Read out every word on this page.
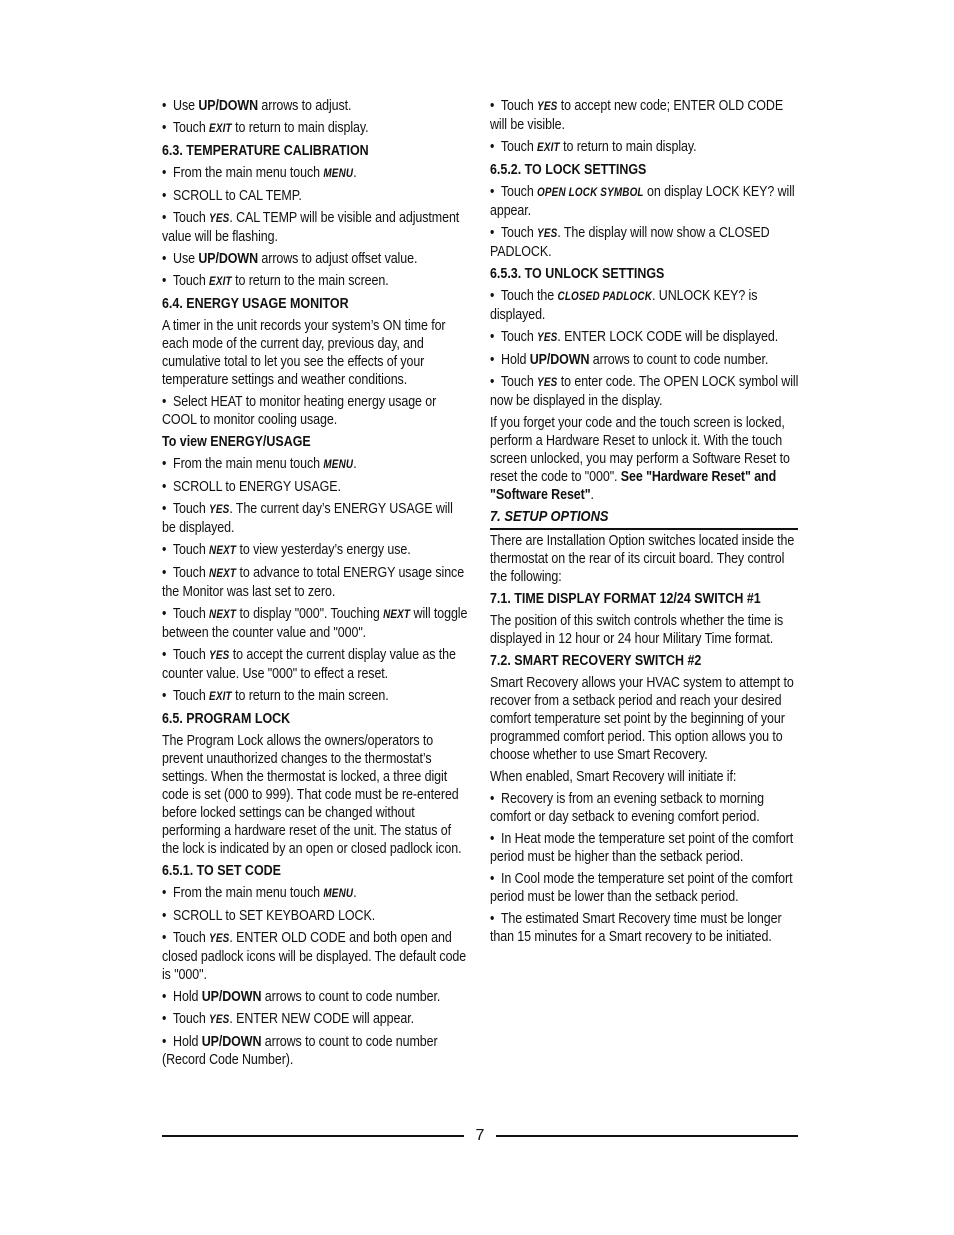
•  Use UP/DOWN arrows to adjust.
•  Touch EXIT to return to main display.
6.3. TEMPERATURE CALIBRATION
•  From the main menu touch MENU.
•  SCROLL to CAL TEMP.
•  Touch YES. CAL TEMP will be visible and adjustment value will be flashing.
•  Use UP/DOWN arrows to adjust offset value.
•  Touch EXIT to return to the main screen.
6.4. ENERGY USAGE MONITOR
A timer in the unit records your system’s ON time for each mode of the current day, previous day, and cumulative total to let you see the effects of your temperature settings and weather conditions.
•  Select HEAT to monitor heating energy usage or COOL to monitor cooling usage.
To view ENERGY/USAGE
•  From the main menu touch MENU.
•  SCROLL to ENERGY USAGE.
•  Touch YES. The current day’s ENERGY USAGE will be displayed.
•  Touch NEXT to view yesterday’s energy use.
•  Touch NEXT to advance to total ENERGY usage since the Monitor was last set to zero.
•  Touch NEXT to display "000". Touching NEXT will toggle between the counter value and "000".
•  Touch YES to accept the current display value as the counter value. Use "000" to effect a reset.
•  Touch EXIT to return to the main screen.
6.5. PROGRAM LOCK
The Program Lock allows the owners/operators to prevent unauthorized changes to the thermostat’s settings. When the thermostat is locked, a three digit code is set (000 to 999). That code must be re-entered before locked settings can be changed without performing a hardware reset of the unit. The status of the lock is indicated by an open or closed padlock icon.
6.5.1. TO SET CODE
•  From the main menu touch MENU.
•  SCROLL to SET KEYBOARD LOCK.
•  Touch YES. ENTER OLD CODE and both open and closed padlock icons will be displayed. The default code is "000".
•  Hold UP/DOWN arrows to count to code number.
•  Touch YES. ENTER NEW CODE will appear.
•  Hold UP/DOWN arrows to count to code number (Record Code Number).
•  Touch YES to accept new code; ENTER OLD CODE will be visible.
•  Touch EXIT to return to main display.
6.5.2. TO LOCK SETTINGS
•  Touch OPEN LOCK SYMBOL on display LOCK KEY? will appear.
•  Touch YES. The display will now show a CLOSED PADLOCK.
6.5.3. TO UNLOCK SETTINGS
•  Touch the CLOSED PADLOCK. UNLOCK KEY? is displayed.
•  Touch YES. ENTER LOCK CODE will be displayed.
•  Hold UP/DOWN arrows to count to code number.
•  Touch YES to enter code. The OPEN LOCK symbol will now be displayed in the display.
If you forget your code and the touch screen is locked, perform a Hardware Reset to unlock it. With the touch screen unlocked, you may perform a Software Reset to reset the code to "000". See "Hardware Reset" and "Software Reset".
7. SETUP OPTIONS
There are Installation Option switches located inside the thermostat on the rear of its circuit board. They control the following:
7.1. TIME DISPLAY FORMAT 12/24 SWITCH #1
The position of this switch controls whether the time is displayed in 12 hour or 24 hour Military Time format.
7.2. SMART RECOVERY SWITCH #2
Smart Recovery allows your HVAC system to attempt to recover from a setback period and reach your desired comfort temperature set point by the beginning of your programmed comfort period. This option allows you to choose whether to use Smart Recovery.
When enabled, Smart Recovery will initiate if:
•  Recovery is from an evening setback to morning comfort or day setback to evening comfort period.
•  In Heat mode the temperature set point of the comfort period must be higher than the setback period.
•  In Cool mode the temperature set point of the comfort period must be lower than the setback period.
•  The estimated Smart Recovery time must be longer than 15 minutes for a Smart recovery to be initiated.
7
